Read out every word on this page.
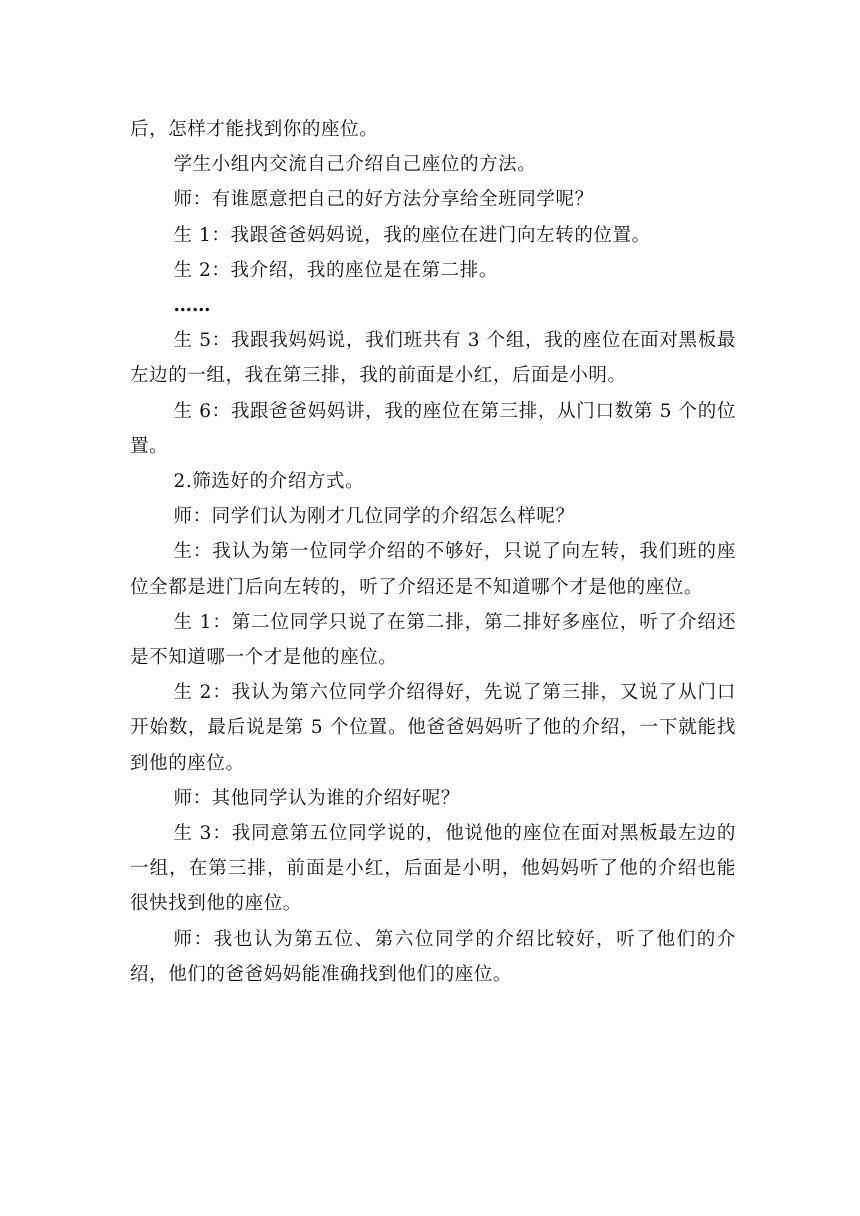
后，怎样才能找到你的座位。

学生小组内交流自己介绍自己座位的方法。

师：有谁愿意把自己的好方法分享给全班同学呢？

生 1：我跟爸爸妈妈说，我的座位在进门向左转的位置。

生 2：我介绍，我的座位是在第二排。

……

生 5：我跟我妈妈说，我们班共有 3 个组，我的座位在面对黑板最左边的一组，我在第三排，我的前面是小红，后面是小明。

生 6：我跟爸爸妈妈讲，我的座位在第三排，从门口数第 5 个的位置。

2.筛选好的介绍方式。

师：同学们认为刚才几位同学的介绍怎么样呢？

生：我认为第一位同学介绍的不够好，只说了向左转，我们班的座位全都是进门后向左转的，听了介绍还是不知道哪个才是他的座位。

生 1：第二位同学只说了在第二排，第二排好多座位，听了介绍还是不知道哪一个才是他的座位。

生 2：我认为第六位同学介绍得好，先说了第三排，又说了从门口开始数，最后说是第 5 个位置。他爸爸妈妈听了他的介绍，一下就能找到他的座位。

师：其他同学认为谁的介绍好呢？

生 3：我同意第五位同学说的，他说他的座位在面对黑板最左边的一组，在第三排，前面是小红，后面是小明，他妈妈听了他的介绍也能很快找到他的座位。

师：我也认为第五位、第六位同学的介绍比较好，听了他们的介绍，他们的爸爸妈妈能准确找到他们的座位。
